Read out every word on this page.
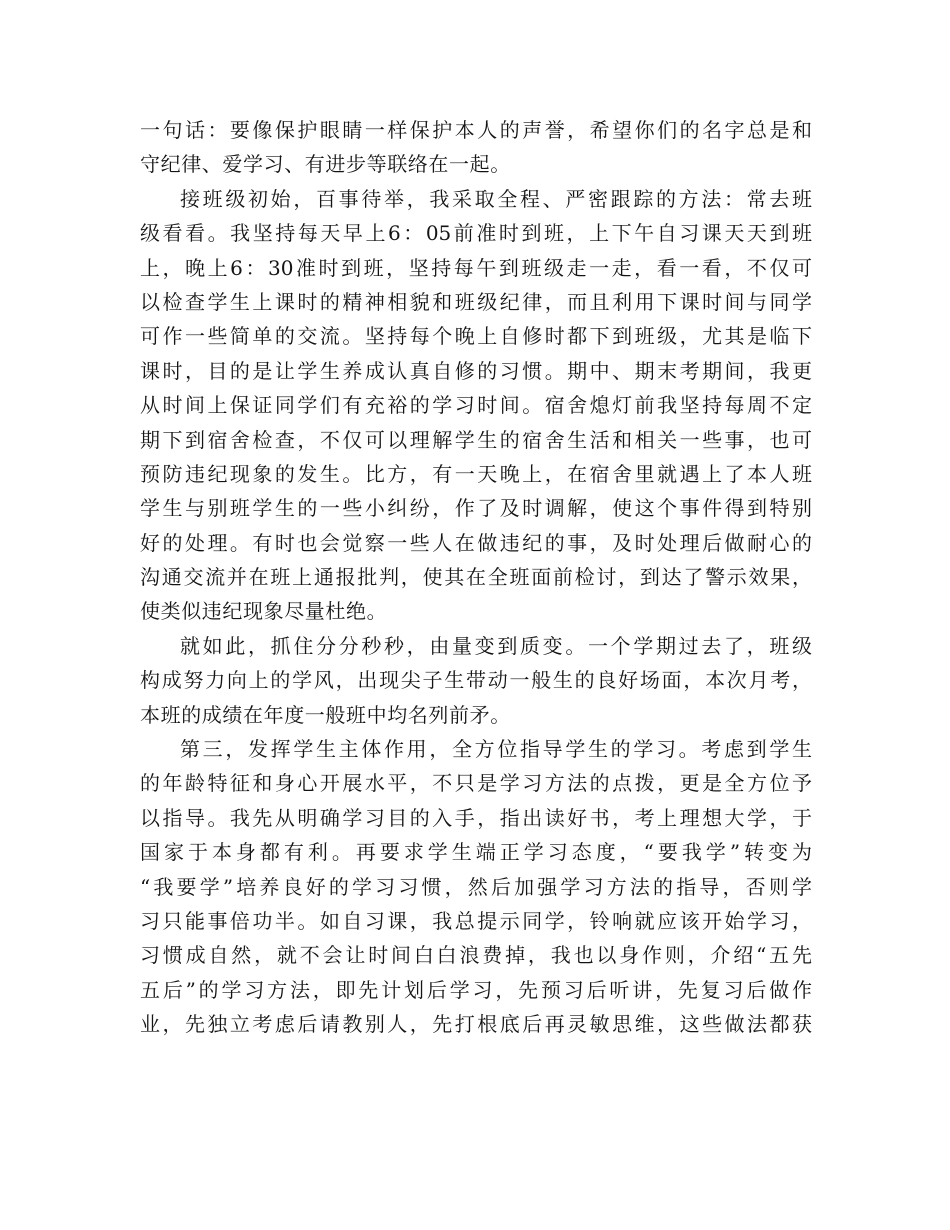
一句话：要像保护眼睛一样保护本人的声誉，希望你们的名字总是和
守纪律、爱学习、有进步等联络在一起。
接班级初始，百事待举，我采取全程、严密跟踪的方法：常去班
级看看。我坚持每天早上6：05前准时到班，上下午自习课天天到班
上，晚上6：30准时到班，坚持每午到班级走一走，看一看，不仅可
以检查学生上课时的精神相貌和班级纪律，而且利用下课时间与同学
可作一些简单的交流。坚持每个晚上自修时都下到班级，尤其是临下
课时，目的是让学生养成认真自修的习惯。期中、期末考期间，我更
从时间上保证同学们有充裕的学习时间。宿舍熄灯前我坚持每周不定
期下到宿舍检查，不仅可以理解学生的宿舍生活和相关一些事，也可
预防违纪现象的发生。比方，有一天晚上，在宿舍里就遇上了本人班
学生与别班学生的一些小纠纷，作了及时调解，使这个事件得到特别
好的处理。有时也会觉察一些人在做违纪的事，及时处理后做耐心的
沟通交流并在班上通报批判，使其在全班面前检讨，到达了警示效果，
使类似违纪现象尽量杜绝。
就如此，抓住分分秒秒，由量变到质变。一个学期过去了，班级
构成努力向上的学风，出现尖子生带动一般生的良好场面，本次月考，
本班的成绩在年度一般班中均名列前矛。
第三，发挥学生主体作用，全方位指导学生的学习。考虑到学生
的年龄特征和身心开展水平，不只是学习方法的点拨，更是全方位予
以指导。我先从明确学习目的入手，指出读好书，考上理想大学，于
国家于本身都有利。再要求学生端正学习态度，“要我学”转变为
“我要学”培养良好的学习习惯，然后加强学习方法的指导，否则学
习只能事倍功半。如自习课，我总提示同学，铃响就应该开始学习，
习惯成自然，就不会让时间白白浪费掉，我也以身作则，介绍“五先
五后”的学习方法，即先计划后学习，先预习后听讲，先复习后做作
业，先独立考虑后请教别人，先打根底后再灵敏思维，这些做法都获
